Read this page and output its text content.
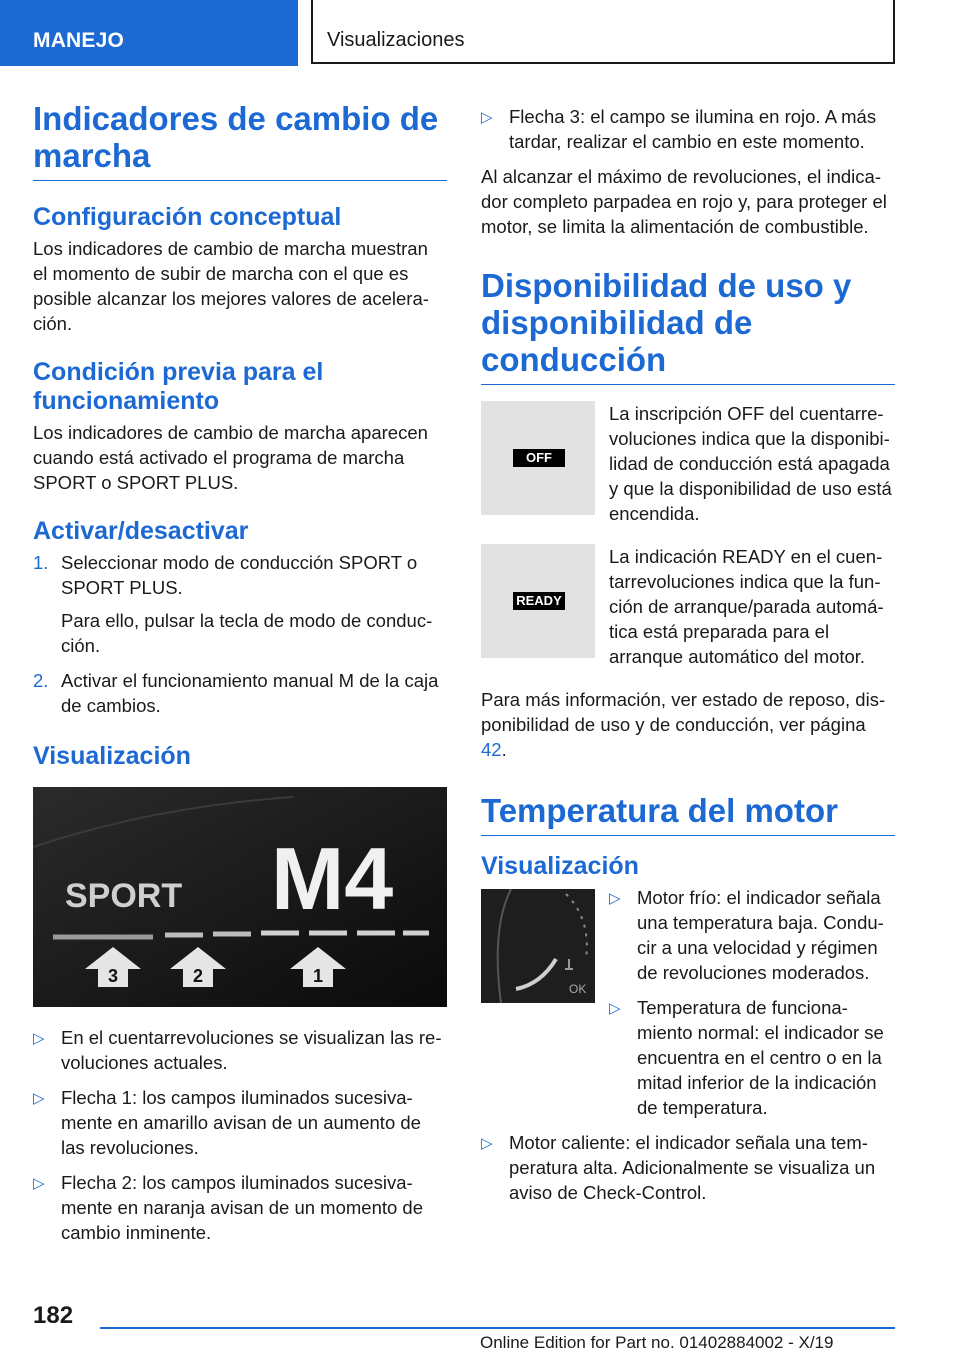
MANEJO	Visualizaciones
Indicadores de cambio de marcha
Configuración conceptual

Los indicadores de cambio de marcha muestran el momento de subir de marcha con el que es posible alcanzar los mejores valores de aceleración.

Condición previa para el funcionamiento

Los indicadores de cambio de marcha aparecen cuando está activado el programa de marcha SPORT o SPORT PLUS.

Activar/desactivar
1. Seleccionar modo de conducción SPORT o SPORT PLUS.

Para ello, pulsar la tecla de modo de conducción.

2. Activar el funcionamiento manual M de la caja de cambios.
Visualización
SPORT M4
3	2	1
▷ En el cuentarrevoluciones se visualizan las revoluciones actuales.
▷ Flecha 1: los campos iluminados sucesivamente en amarillo avisan de un aumento de las revoluciones.
▷ Flecha 2: los campos iluminados sucesivamente en naranja avisan de un momento de cambio inminente.
▷ Flecha 3: el campo se ilumina en rojo. A más tardar, realizar el cambio en este momento.

Al alcanzar el máximo de revoluciones, el indicador completo parpadea en rojo y, para proteger el motor, se limita la alimentación de combustible.

Disponibilidad de uso y disponibilidad de conducción
OFF
La inscripción OFF del cuentarrevoluciones indica que la disponibilidad de conducción está apagada y que la disponibilidad de uso está encendida.
READY
La indicación READY en el cuentarrevoluciones indica que la función de arranque/parada automática está preparada para el arranque automático del motor.

Para más información, ver estado de reposo, disponibilidad de uso y de conducción, ver página 42.

Temperatura del motor
Visualización
OK
▷ Motor frío: el indicador señala una temperatura baja. Conducir a una velocidad y régimen de revoluciones moderados.
▷ Temperatura de funcionamiento normal: el indicador se encuentra en el centro o en la mitad inferior de la indicación de temperatura.
▷ Motor caliente: el indicador señala una temperatura alta. Adicionalmente se visualiza un aviso de Check-Control.
182
Online Edition for Part no. 01402884002 - X/19
